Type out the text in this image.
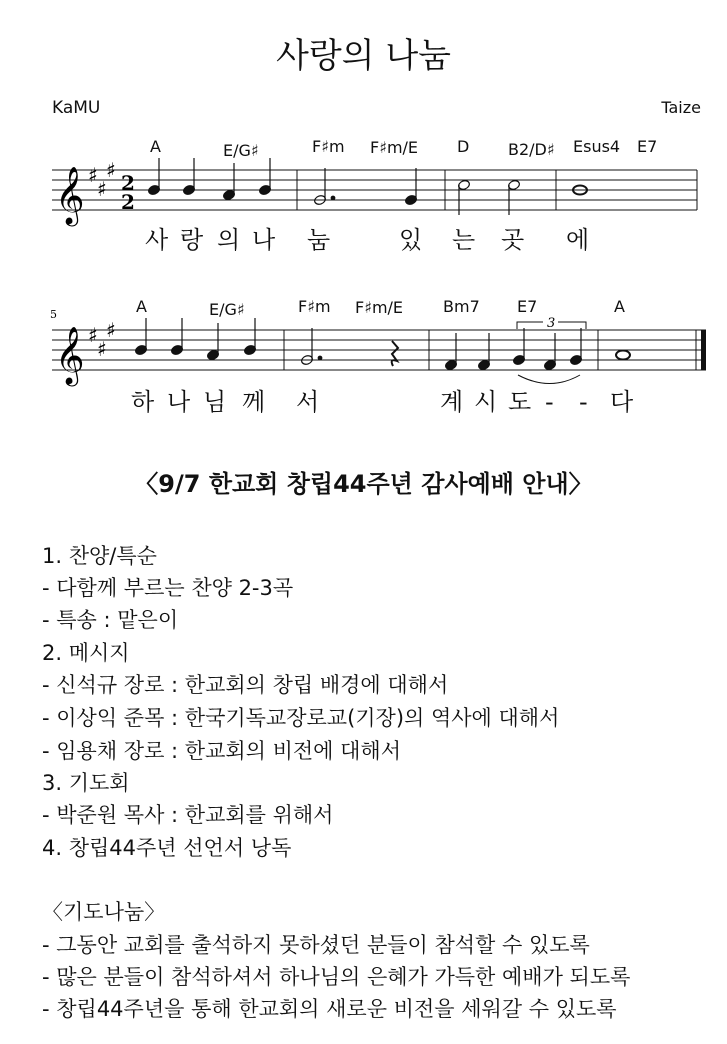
사랑의 나눔
KaMU	Taize
𝄞 ♯
♯
♯
2
2
A	E/G♯	F♯m F♯m/E D B2/D♯ Esus4 E7
사 랑 의 나 눔	있 는 곳 에
5
𝄞 ♯
♯
♯	3
A	E/G♯	F♯m F♯m/E Bm7 E7	A
하 나 님 께 서	계 시 도 - - 다
〈9/7 한교회 창립44주년 감사예배 안내〉
1. 찬양/특순
- 다함께 부르는 찬양 2-3곡
- 특송 : 맡은이
2. 메시지
- 신석규 장로 : 한교회의 창립 배경에 대해서
- 이상익 준목 : 한국기독교장로교(기장)의 역사에 대해서
- 임용채 장로 : 한교회의 비전에 대해서
3. 기도회
- 박준원 목사 : 한교회를 위해서
4. 창립44주년 선언서 낭독
〈기도나눔〉
- 그동안 교회를 출석하지 못하셨던 분들이 참석할 수 있도록
- 많은 분들이 참석하셔서 하나님의 은혜가 가득한 예배가 되도록
- 창립44주년을 통해 한교회의 새로운 비전을 세워갈 수 있도록
